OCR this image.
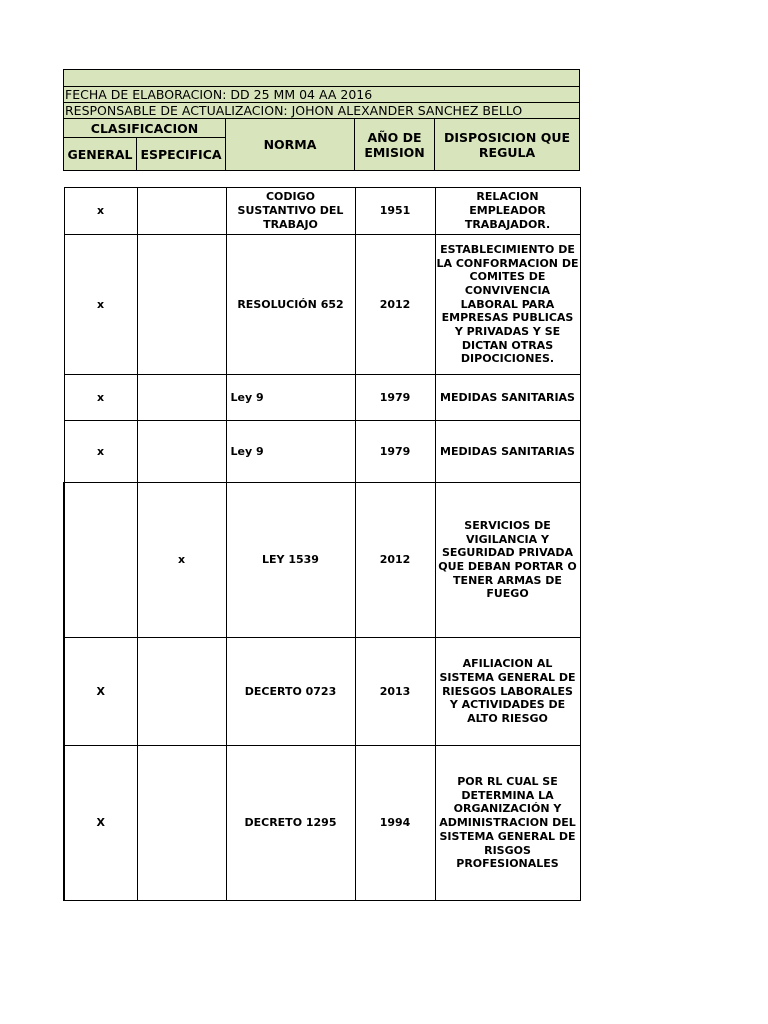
FECHA DE ELABORACION: DD 25 MM 04 AA 2016				
RESPONSABLE DE ACTUALIZACION: JOHON ALEXANDER SANCHEZ BELLO				
CLASIFICACION		NORMA	AÑO DE EMISION	DISPOSICION QUE REGULA
GENERAL	ESPECIFICA			
x		CODIGO SUSTANTIVO DEL TRABAJO	1951	RELACION EMPLEADOR TRABAJADOR.
x		RESOLUCIÓN 652	2012	ESTABLECIMIENTO DE LA CONFORMACION DE COMITES DE CONVIVENCIA LABORAL PARA EMPRESAS PUBLICAS Y PRIVADAS Y SE DICTAN OTRAS DIPOCICIONES.
x		Ley 9	1979	MEDIDAS SANITARIAS
x		Ley 9	1979	MEDIDAS SANITARIAS
	x	LEY 1539	2012	SERVICIOS DE VIGILANCIA Y SEGURIDAD PRIVADA QUE DEBAN PORTAR O TENER ARMAS DE FUEGO
X		DECERTO 0723	2013	AFILIACION AL SISTEMA GENERAL DE RIESGOS LABORALES Y ACTIVIDADES DE ALTO RIESGO
X		DECRETO 1295	1994	POR RL CUAL SE DETERMINA LA ORGANIZACIÓN Y ADMINISTRACION DEL SISTEMA GENERAL DE RISGOS PROFESIONALES
